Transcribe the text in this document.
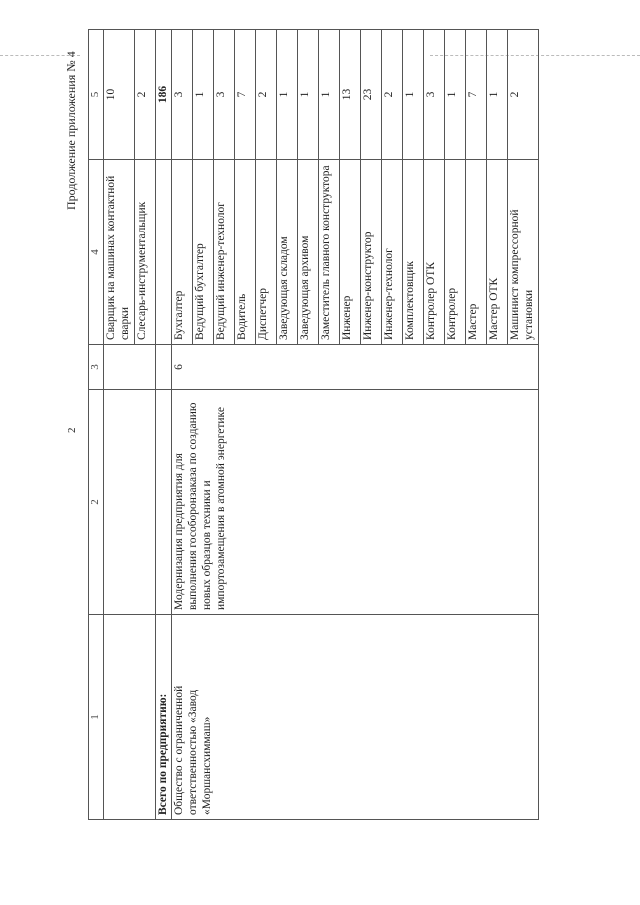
Продолжение приложения № 4
2
1	2	3	4	5
			Сварщик на машинах контактной сварки	10
			Слесарь-инструментальщик	2
Всего по предприятию:				186
Общество с ограниченной ответственностью «Завод «Моршансхиммаш»	Модернизация предприятия для выполнения гособоронзаказа по созданию новых образцов техники и импортозамещения в атомной энергетике	6	Бухгалтер	3
			Ведущий бухгалтер	1
			Ведущий инженер-технолог	3
			Водитель	7
			Диспетчер	2
			Заведующая складом	1
			Заведующая архивом	1
			Заместитель главного конструктора	1
			Инженер	13
			Инженер-конструктор	23
			Инженер-технолог	2
			Комплектовщик	1
			Контролер ОТК	3
			Контролер	1
			Мастер	7
			Мастер ОТК	1
			Машинист компрессорной установки	2
